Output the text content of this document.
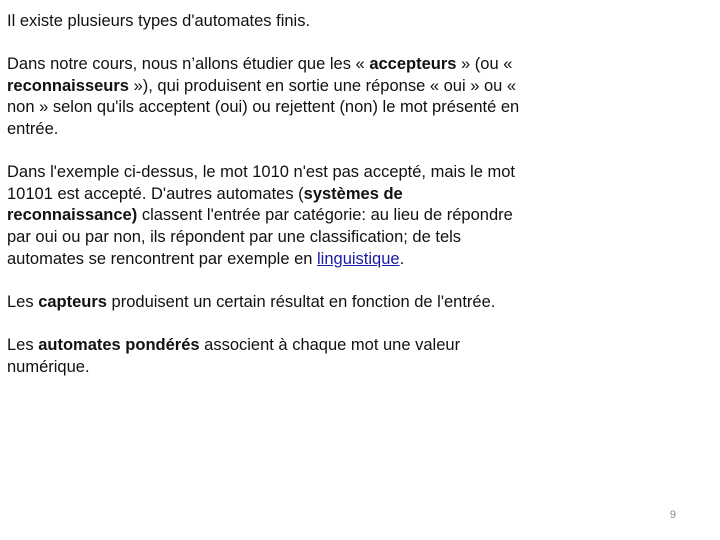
Il existe plusieurs types d'automates finis.

Dans notre cours, nous n’allons étudier que les « accepteurs » (ou « reconnaisseurs »), qui produisent en sortie une réponse « oui » ou « non » selon qu'ils acceptent (oui) ou rejettent (non) le mot présenté en entrée.

Dans l'exemple ci-dessus, le mot 1010 n'est pas accepté, mais le mot 10101 est accepté. D'autres automates (systèmes de reconnaissance) classent l'entrée par catégorie: au lieu de répondre par oui ou par non, ils répondent par une classification; de tels automates se rencontrent par exemple en linguistique.

Les capteurs produisent un certain résultat en fonction de l'entrée.

Les automates pondérés associent à chaque mot une valeur numérique.

9
